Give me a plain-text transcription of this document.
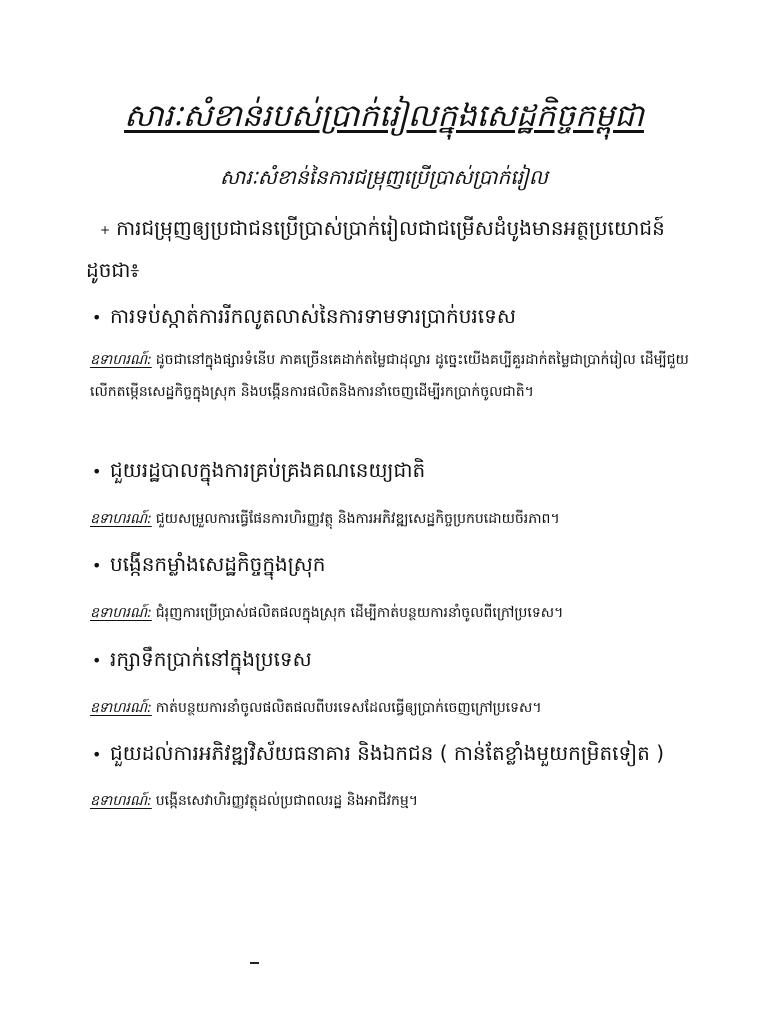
សារៈសំខាន់របស់ប្រាក់រៀលក្នុងសេដ្ឋកិច្ចកម្ពុជា
សារៈសំខាន់នៃការជម្រុញប្រើប្រាស់ប្រាក់រៀល
+ ការជម្រុញឲ្យប្រជាជនប្រើប្រាស់ប្រាក់រៀលជាជម្រើសដំបូងមានអត្ថប្រយោជន៍ដូចជា៖
• ការទប់ស្កាត់ការរីកលូតលាស់នៃការទាមទារប្រាក់បរទេស
ឧទាហរណ៍: ដូចជានៅក្នុងផ្សារទំនើប ភាគច្រើនគេដាក់តម្លៃជាដុល្លារ ដូច្នេះយើងគប្បីគួរដាក់តម្លៃជាប្រាក់រៀល ដើម្បីជួយលើកតម្កើនសេដ្ឋកិច្ចក្នុងស្រុក និងបង្កើនការផលិតនិងការនាំចេញដើម្បីរកប្រាក់ចូលជាតិ។
• ជួយរដ្ឋបាលក្នុងការគ្រប់គ្រងគណនេយ្យជាតិ
ឧទាហរណ៍: ជួយសម្រួលការធ្វើផែនការហិរញ្ញវត្ថុ និងការអភិវឌ្ឍសេដ្ឋកិច្ចប្រកបដោយចីរភាព។
• បង្កើនកម្លាំងសេដ្ឋកិច្ចក្នុងស្រុក
ឧទាហរណ៍: ជំរុញការប្រើប្រាស់ផលិតផលក្នុងស្រុក ដើម្បីកាត់បន្ថយការនាំចូលពីក្រៅប្រទេស។
• រក្សាទឹកប្រាក់នៅក្នុងប្រទេស
ឧទាហរណ៍: កាត់បន្ថយការនាំចូលផលិតផលពីបរទេសដែលធ្វើឲ្យប្រាក់ចេញក្រៅប្រទេស។
• ជួយដល់ការអភិវឌ្ឍវិស័យធនាគារ និងឯកជន ( កាន់តែខ្លាំងមួយកម្រិតទៀត )
ឧទាហរណ៍: បង្កើនសេវាហិរញ្ញវត្ថុដល់ប្រជាពលរដ្ឋ និងអាជីវកម្ម។
